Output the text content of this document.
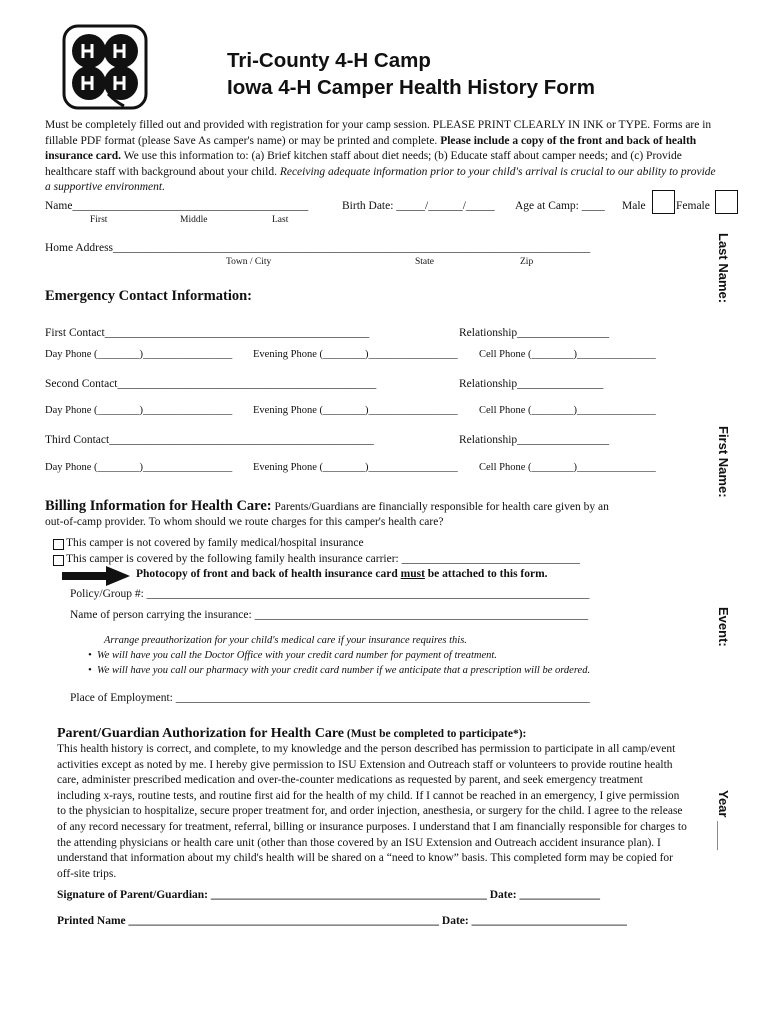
Tri-County 4-H Camp
Iowa 4-H Camper Health History Form
Must be completely filled out and provided with registration for your camp session. PLEASE PRINT CLEARLY IN INK or TYPE. Forms are in fillable PDF format (please Save As camper's name) or may be printed and complete. Please include a copy of the front and back of health insurance card. We use this information to: (a) Brief kitchen staff about diet needs; (b) Educate staff about camper needs; and (c) Provide healthcare staff with background about your child. Receiving adequate information prior to your child's arrival is crucial to our ability to provide a supportive environment.
Name_________________________________________	Birth Date: _____/______/_____ Age at Camp: ____ Male	Female
First	Middle	Last
Home Address___________________________________________________________________________________
Town / City	State	Zip
Emergency Contact Information:
First Contact______________________________________________	Relationship________________
Day Phone (________)_________________ Evening Phone (________)_________________ Cell Phone (________)_______________
Second Contact_____________________________________________	Relationship_______________
Day Phone (________)_________________ Evening Phone (________)_________________ Cell Phone (________)_______________
Third Contact______________________________________________	Relationship________________
Day Phone (________)_________________ Evening Phone (________)_________________ Cell Phone (________)_______________
Billing Information for Health Care: Parents/Guardians are financially responsible for health care given by an
out-of-camp provider. To whom should we route charges for this camper's health care?
This camper is not covered by family medical/hospital insurance
This camper is covered by the following family health insurance carrier: _______________________________
Photocopy of front and back of health insurance card must be attached to this form.
Policy/Group #: _____________________________________________________________________________
Name of person carrying the insurance: __________________________________________________________
Arrange preauthorization for your child's medical care if your insurance requires this.
•  We will have you call the Doctor Office with your credit card number for payment of treatment.
•  We will have you call our pharmacy with your credit card number if we anticipate that a prescription will be ordered.
Place of Employment: ________________________________________________________________________
Parent/Guardian Authorization for Health Care (Must be completed to participate*):
This health history is correct, and complete, to my knowledge and the person described has permission to participate in all camp/event activities except as noted by me. I hereby give permission to ISU Extension and Outreach staff or volunteers to provide routine health care, administer prescribed medication and over-the-counter medications as requested by parent, and seek emergency treatment including x-rays, routine tests, and routine first aid for the health of my child. If I cannot be reached in an emergency, I give permission to the physician to hospitalize, secure proper treatment for, and order injection, anesthesia, or surgery for the child. I agree to the release of any record necessary for treatment, referral, billing or insurance purposes. I understand that I am financially responsible for charges to the attending physicians or health care unit (other than those covered by an ISU Extension and Outreach accident insurance plan). I understand that information about my child's health will be shared on a “need to know” basis. This completed form may be copied for off-site trips.
Signature of Parent/Guardian: ________________________________________________ Date: ______________
Printed Name ______________________________________________________ Date: ___________________________
Last Name:
First Name:
Event:
Year ____
